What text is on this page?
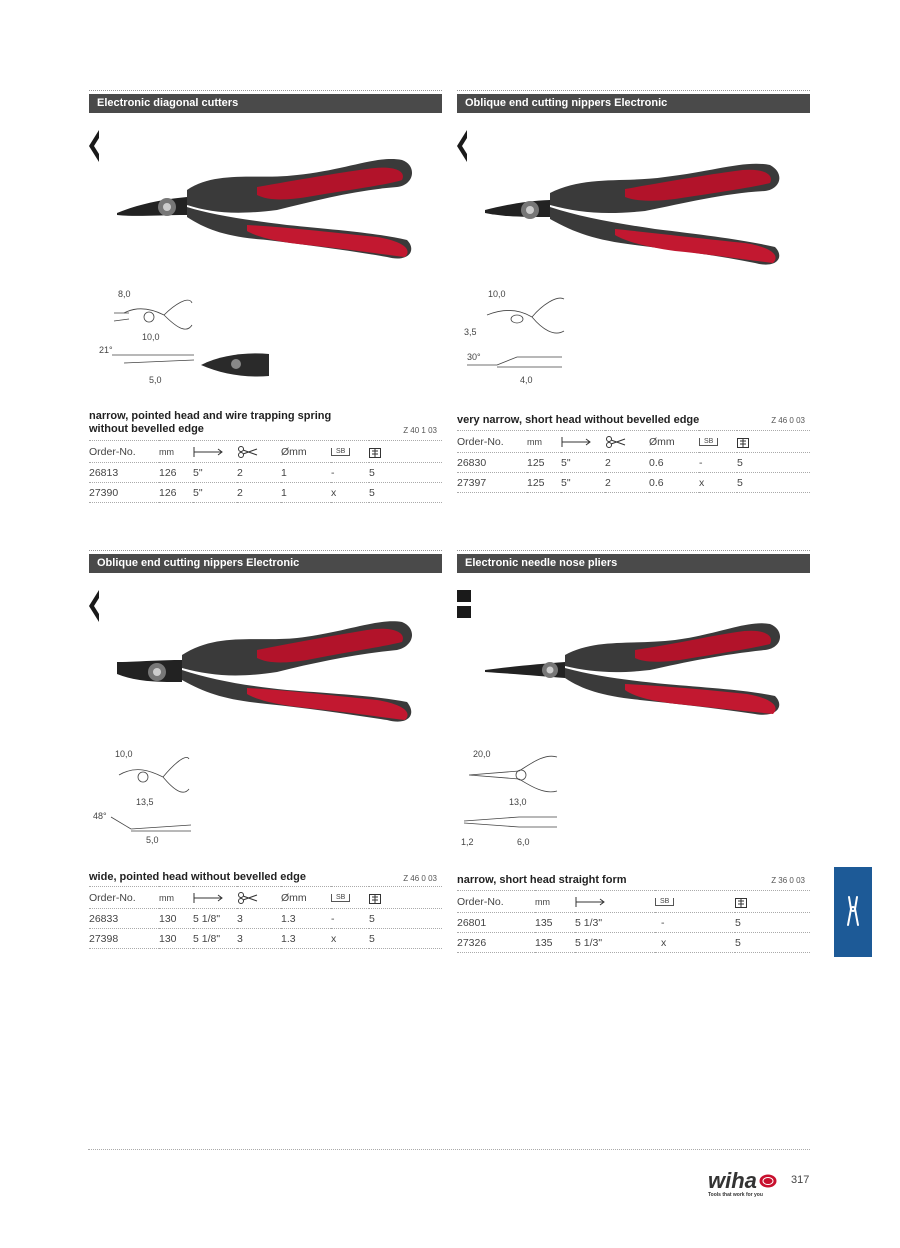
Electronic diagonal cutters
8,0
10,0
21°
5,0
narrow, pointed head and wire trapping spring
without bevelled edge	Z 40 1 03
Order-No.	mm			Ømm	SB	
26813	126	5"	2	1	-	5
27390	126	5"	2	1	x	5
Oblique end cutting nippers Electronic
10,0
3,5
30°
4,0
very narrow, short head without bevelled edge	Z 46 0 03
Order-No.	mm			Ømm	SB	
26830	125	5"	2	0.6	-	5
27397	125	5"	2	0.6	x	5
Oblique end cutting nippers Electronic
10,0
13,5
48°
5,0
wide, pointed head without bevelled edge	Z 46 0 03
Order-No.	mm			Ømm	SB	
26833	130	5 1/8"	3	1.3	-	5
27398	130	5 1/8"	3	1.3	x	5
Electronic needle nose pliers
20,0
13,0
1,2	6,0
narrow, short head straight form	Z 36 0 03
Order-No.	mm		SB	
26801	135	5 1/3"	-	5
27326	135	5 1/3"	x	5
wiha
Tools that work for you
317
